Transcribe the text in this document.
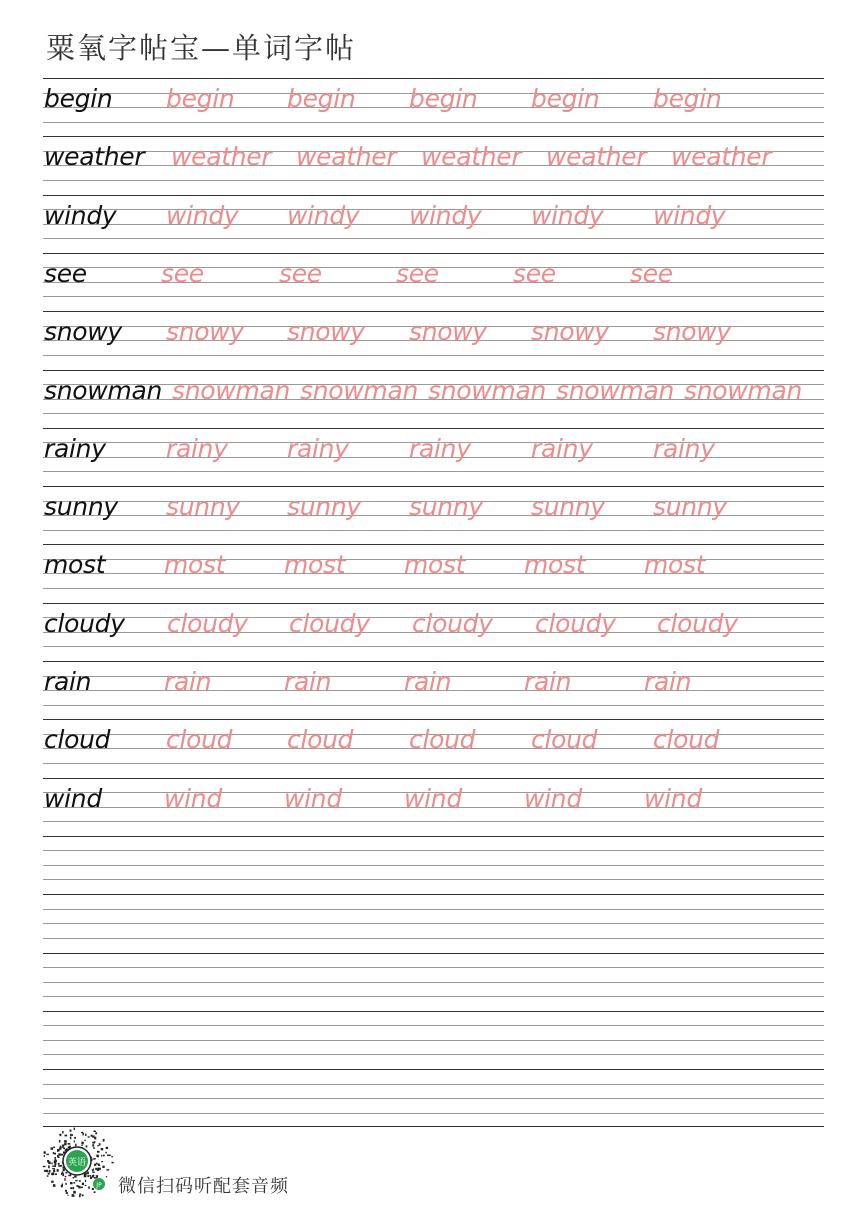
粟氧字帖宝—单词字帖
begin begin begin begin begin begin
weather weather weather weather weather weather
windy windy windy windy windy windy
see	see	see	see	see	see
snowy snowy snowy snowy snowy snowy
snowman snowman snowman snowman snowman snowman
rainy rainy rainy rainy rainy rainy
sunny sunny sunny sunny sunny sunny
most most most most most most
cloudy cloudy cloudy cloudy cloudy cloudy
rain	rain	rain	rain	rain	rain
cloud cloud cloud cloud cloud cloud
wind wind wind wind wind wind
英语
JP 微信扫码听配套音频
